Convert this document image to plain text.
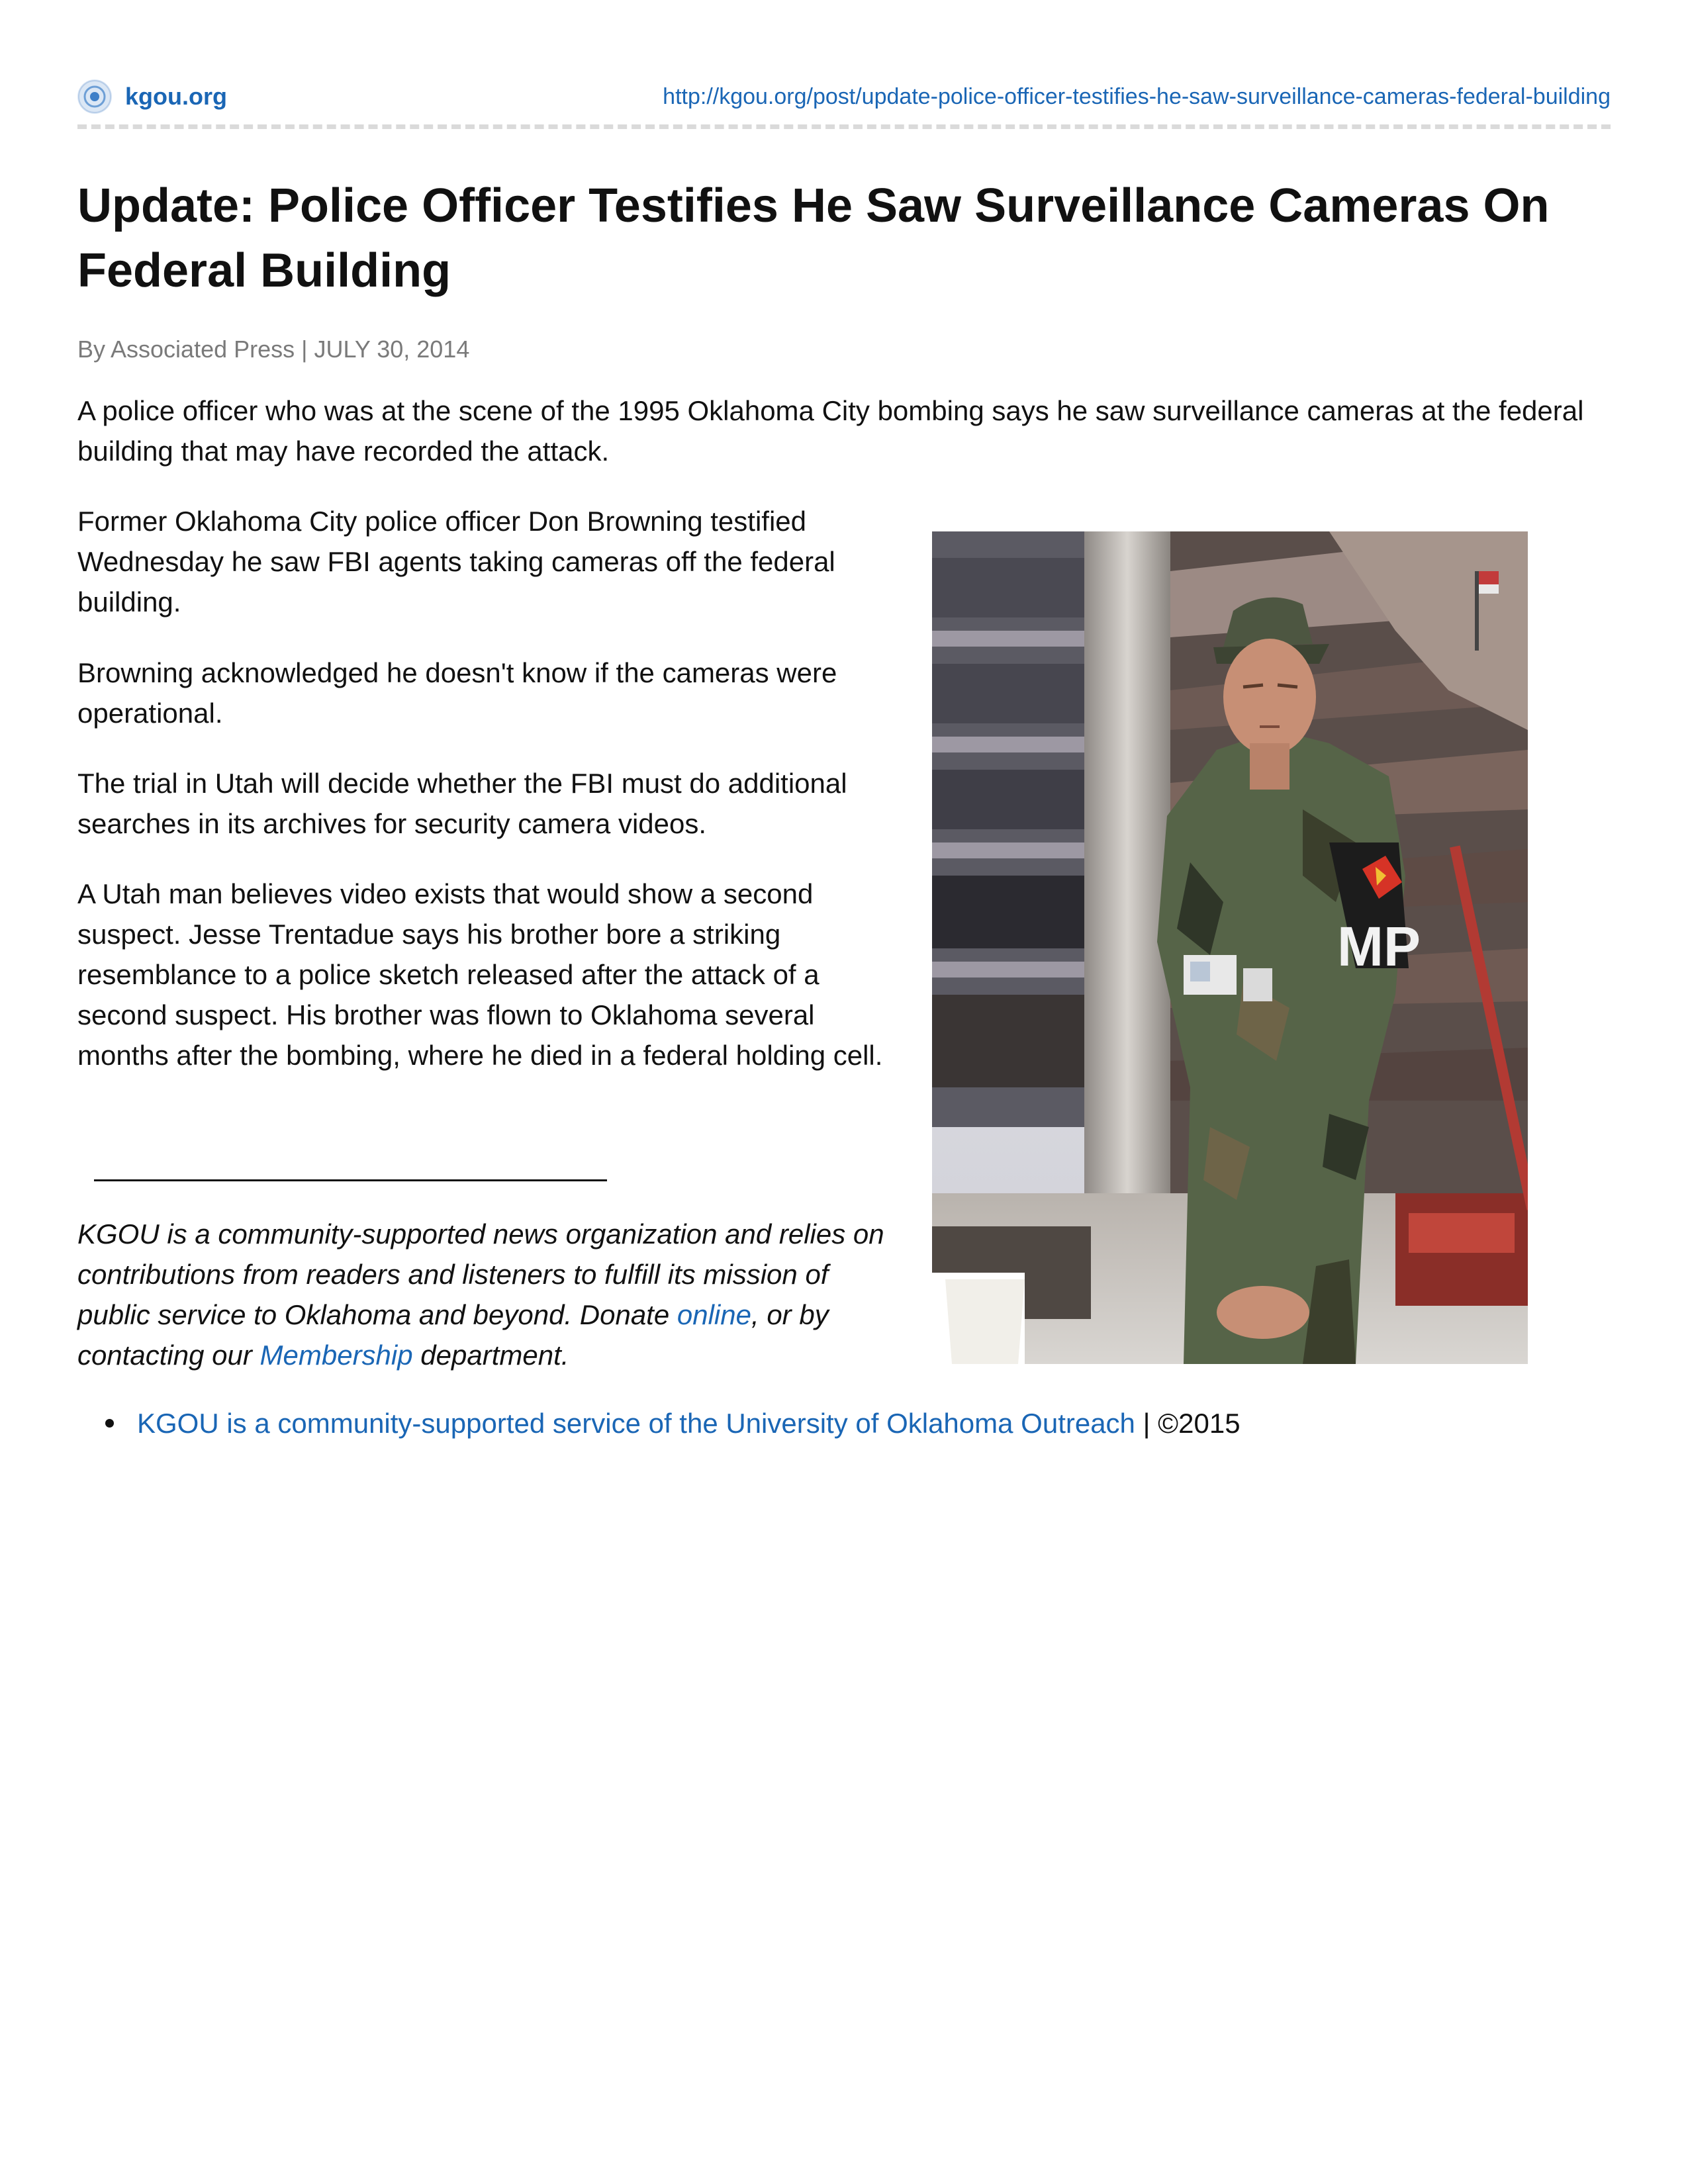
kgou.org	http://kgou.org/post/update-police-officer-testifies-he-saw-surveillance-cameras-federal-building
Update: Police Officer Testifies He Saw Surveillance Cameras On Federal Building
By Associated Press | JULY 30, 2014

A police officer who was at the scene of the 1995 Oklahoma City bombing says he saw surveillance cameras at the federal building that may have recorded the attack.

Former Oklahoma City police officer Don Browning testified Wednesday he saw FBI agents taking cameras off the federal building.

Browning acknowledged he doesn't know if the cameras were operational.

The trial in Utah will decide whether the FBI must do additional searches in its archives for security camera videos.

A Utah man believes video exists that would show a second suspect. Jesse Trentadue says his brother bore a striking resemblance to a police sketch released after the attack of a second suspect. His brother was flown to Oklahoma several months after the bombing, where he died in a federal holding cell.

KGOU is a community-supported news organization and relies on contributions from readers and listeners to fulfill its mission of public service to Oklahoma and beyond. Donate online, or by contacting our Membership department.

MP
KGOU is a community-supported service of the University of Oklahoma Outreach | ©2015
